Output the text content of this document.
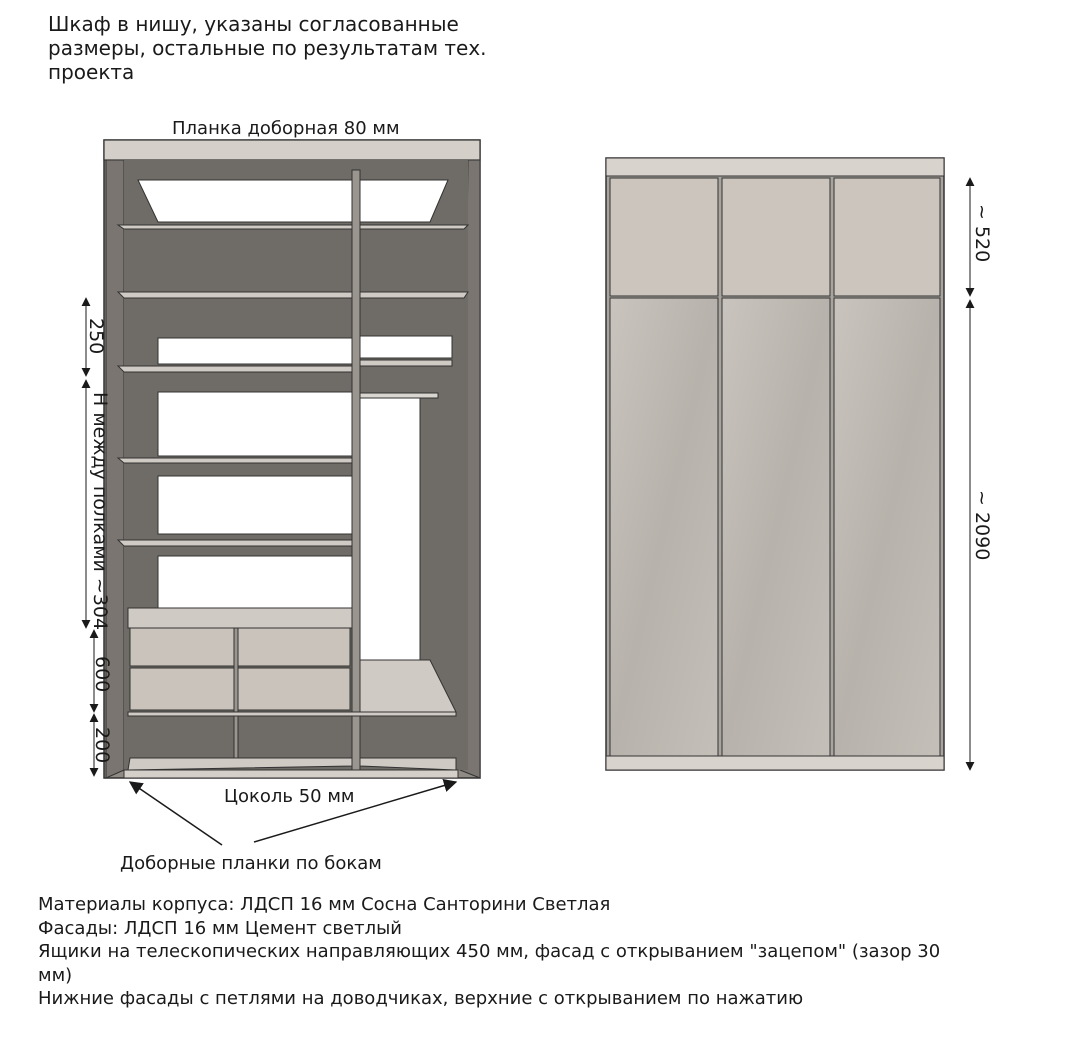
Шкаф в нишу, указаны согласованные
размеры, остальные по результатам тех.
проекта
250
Н между полками ~304
600
200
Планка доборная 80 мм
Цоколь 50 мм
Доборные планки по бокам
~ 520
~ 2090
Материалы корпуса: ЛДСП 16 мм Сосна Санторини Светлая
Фасады: ЛДСП 16 мм Цемент светлый
Ящики на телескопических направляющих 450 мм, фасад с открыванием "зацепом" (зазор 30
мм)
Нижние фасады с петлями на доводчиках, верхние с открыванием по нажатию
